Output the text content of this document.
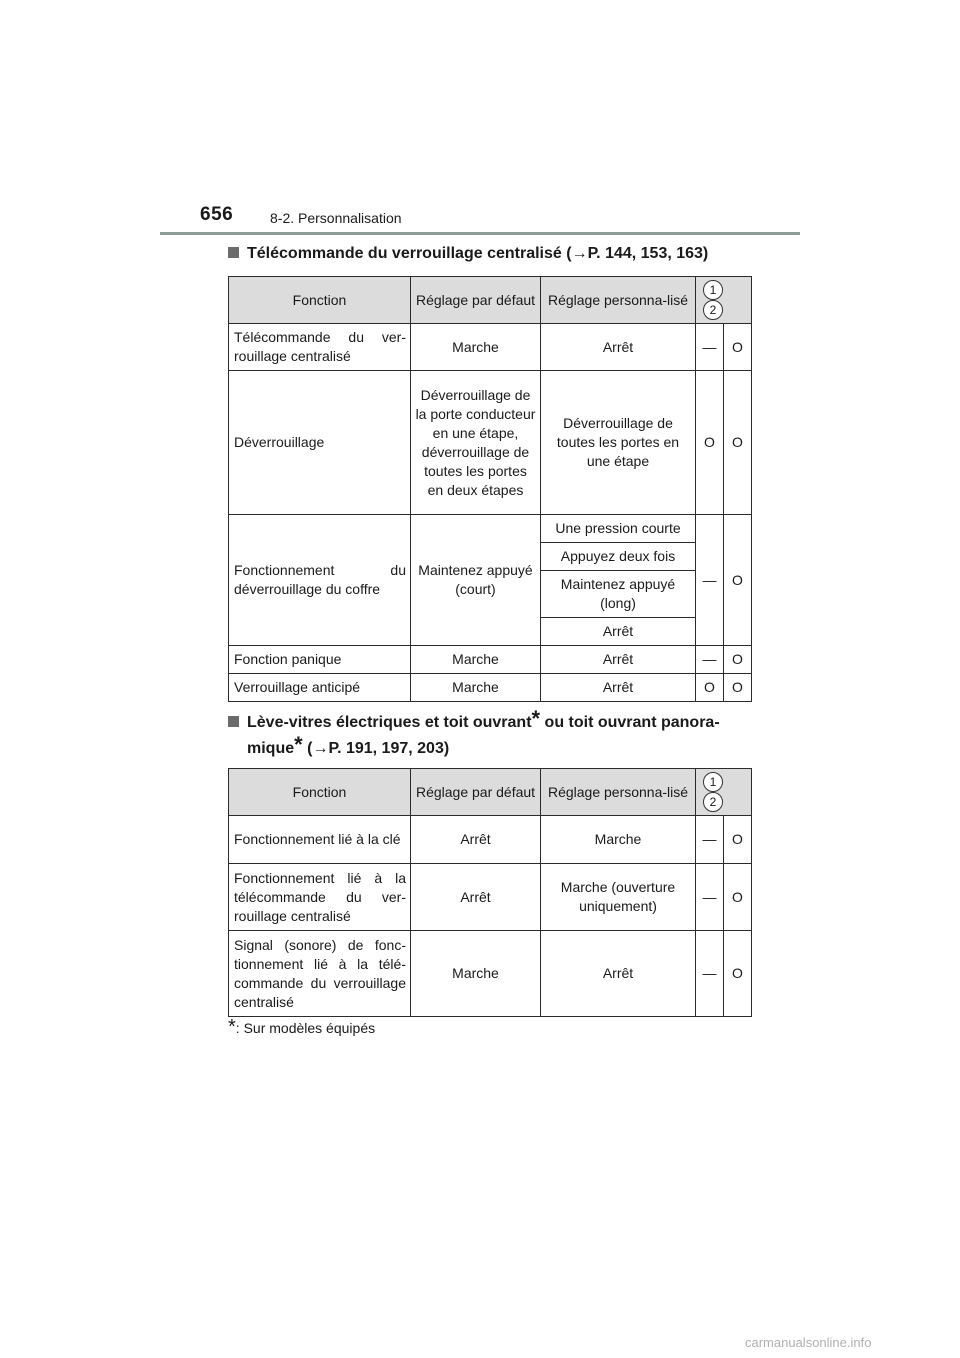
656	8-2. Personnalisation
Télécommande du verrouillage centralisé (→P. 144, 153, 163)
Fonction	Réglage par défaut	Réglage personna-lisé	12	
Télécommande du ver-rouillage centralisé	Marche	Arrêt	—	O
Déverrouillage	Déverrouillage de la porte conducteur en une étape, déverrouillage de toutes les portes en deux étapes	Déverrouillage de toutes les portes en une étape	O	O
Fonctionnement du déverrouillage du coffre	Maintenez appuyé (court)	Une pression courte	—	O
		Appuyez deux fois		
		Maintenez appuyé (long)		
		Arrêt		
Fonction panique	Marche	Arrêt	—	O
Verrouillage anticipé	Marche	Arrêt	O	O
Lève-vitres électriques et toit ouvrant* ou toit ouvrant panora-
mique* (→P. 191, 197, 203)
Fonction	Réglage par défaut	Réglage personna-lisé	12	
Fonctionnement lié à la clé	Arrêt	Marche	—	O
Fonctionnement lié à la télécommande du ver-rouillage centralisé	Arrêt	Marche (ouverture uniquement)	—	O
Signal (sonore) de fonc-tionnement lié à la télé-commande du verrouillage centralisé	Marche	Arrêt	—	O
*: Sur modèles équipés
carmanualsonline.info
